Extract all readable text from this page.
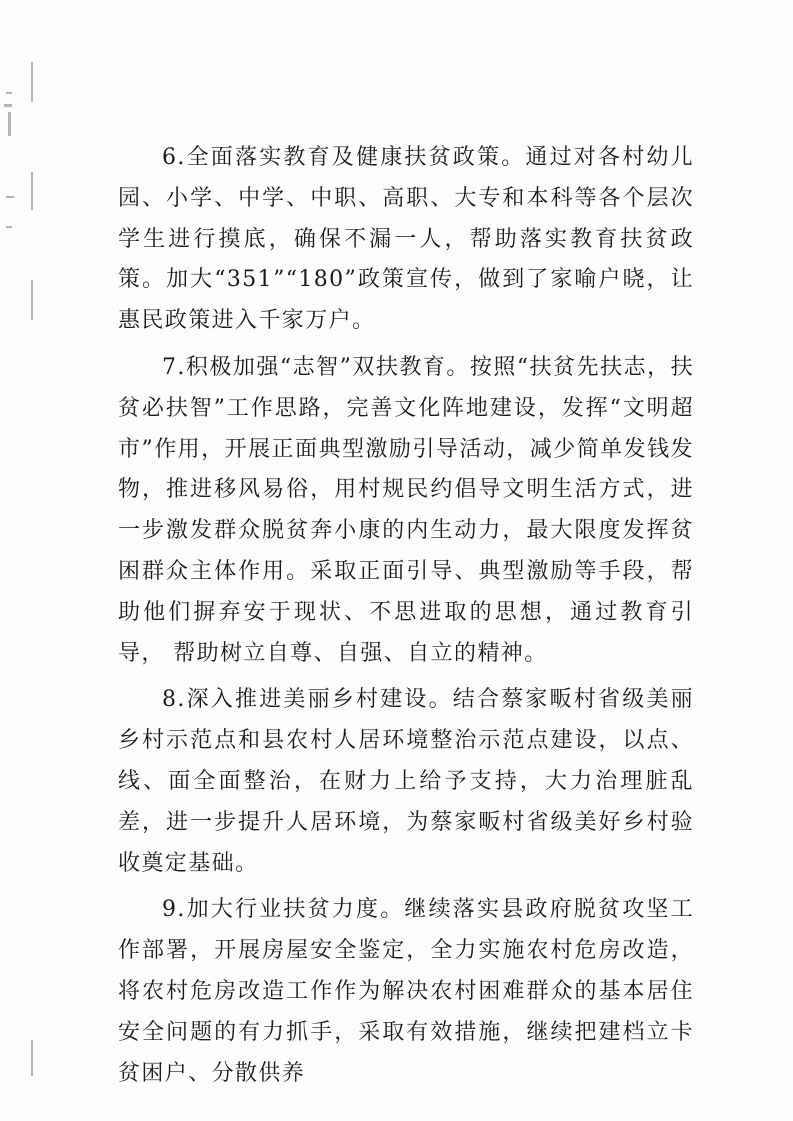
6.全面落实教育及健康扶贫政策。通过对各村幼儿园、小学、中学、中职、高职、大专和本科等各个层次学生进行摸底，确保不漏一人，帮助落实教育扶贫政策。加大“351”“180”政策宣传，做到了家喻户晓，让惠民政策进入千家万户。

7.积极加强“志智”双扶教育。按照“扶贫先扶志，扶贫必扶智”工作思路，完善文化阵地建设，发挥“文明超市”作用，开展正面典型激励引导活动，减少简单发钱发物，推进移风易俗，用村规民约倡导文明生活方式，进一步激发群众脱贫奔小康的内生动力，最大限度发挥贫困群众主体作用。采取正面引导、典型激励等手段，帮助他们摒弃安于现状、不思进取的思想，通过教育引导， 帮助树立自尊、自强、自立的精神。

8.深入推进美丽乡村建设。结合蔡家畈村省级美丽乡村示范点和县农村人居环境整治示范点建设，以点、线、面全面整治，在财力上给予支持，大力治理脏乱差，进一步提升人居环境，为蔡家畈村省级美好乡村验收奠定基础。

9.加大行业扶贫力度。继续落实县政府脱贫攻坚工作部署，开展房屋安全鉴定，全力实施农村危房改造，将农村危房改造工作作为解决农村困难群众的基本居住安全问题的有力抓手，采取有效措施，继续把建档立卡贫困户、分散供养
